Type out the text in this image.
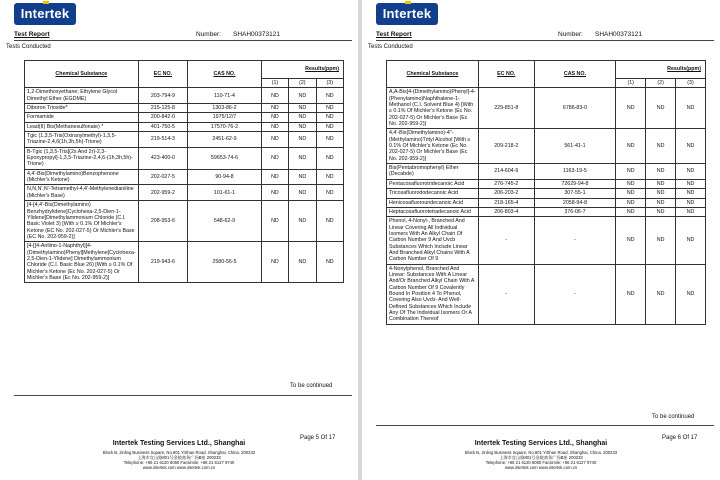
Intertek
Test Report	Number: SHAH00373121
Tests Conducted
Chemical Substance	EC NO.	CAS NO.	Results(ppm)		
			(1)	(2)	(3)
1,2-Dimethoxyethane; Ethylene Glycol Dimethyl Ether (EGDME)	203-794-9	110-71-4	ND	ND	ND
Diboron Trioxide*	215-125-8	1303-86-2	ND	ND	ND
Formamide	200-842-0	1975/12/7	ND	ND	ND
Lead(II) Bis(Methanesulfonate) *	401-750-5	17570-76-2	ND	ND	ND
Tgic (1,3,5-Tris(Oxiranylmethyl)-1,3,5-Triazine-2,4,6(1h,3h,5h)-Trione)	219-514-3	2451-62-9	ND	ND	ND
B-Tgic (1,3,5-Tris[(2s And 2r)-2,3-Epoxypropyl]-1,3,5-Triazine-2,4,6-(1h,3h,5h)-Trione)	423-400-0	59653-74-6	ND	ND	ND
4,4'-Bis(Dimethylamino)Benzophenone (Michler's Ketone)	202-027-5	90-94-8	ND	ND	ND
N,N,N',N'-Tetramethyl-4,4'-Methylenedianiline (Michler's Base)	202-959-2	101-61-1	ND	ND	ND
[4-[4,4'-Bis(Dimethylamino) Benzhydrylidene]Cyclohexa-2,5-Dien-1-Ylidene]Dimethylammonium Chloride (C.I. Basic Violet 3) [With ≥ 0.1% Of Michler's Ketone (EC No. 202-027-5) Or Michler's Base (EC No. 202-959-2)]	208-953-6	548-62-9	ND	ND	ND
[4-[[4-Anilino-1-Naphthyl][4-(Dimethylamino)Phenyl]Methylene]Cyclohexa-2,5-Dien-1-Ylidene] Dimethylammonium Chloride (C.I. Basic Blue 26) [With ≥ 0.1% Of Michler's Ketone (Ec No. 202-027-5) Or Michler's Base (Ec No. 202-959-2)]	219-943-6	2580-56-5	ND	ND	ND
To be continued
Page 5 Of 17
Intertek Testing Services Ltd., Shanghai
Block B, Jinling Business Square, No.801 YiShan Road, Shanghai, China. 200233
上海市宜山路801号金陵商务广场B座 200233
Telephone: +86 21 6120 6060 Facsimile: +86 21 6127 9740
www.intertek.com www.intertek.com.cn
Intertek
Test Report	Number: SHAH00373121
Tests Conducted
Chemical Substance	EC NO.	CAS NO.	Results(ppm)		
			(1)	(2)	(3)
A,A-Bis[4-(Dimethylamino)Phenyl]-4-(Phenylamino)Naphthalene-1-Methanol (C.I. Solvent Blue 4) [With ≥ 0.1% Of Michler's Ketone (Ec No. 202-027-5) Or Michler's Base (Ec No. 202-959-2)]	229-851-8	6786-83-0	ND	ND	ND
4,4'-Bis(Dimethylamino)-4''-(Methylamino)Trityl Alcohol [With ≥ 0.1% Of Michler's Ketone (Ec No. 202-027-5) Or Michler's Base (Ec No. 202-959-2)]	209-218-2	561-41-1	ND	ND	ND
Bis(Pentabromophenyl) Ether (Decabde)	214-604-9	1163-19-5	ND	ND	ND
Pentacosafluorotridecanoic Acid	276-745-2	72629-94-8	ND	ND	ND
Tricosafluorododecanoic Acid	206-203-2	307-55-1	ND	ND	ND
Henicosafluoroundecanoic Acid	218-165-4	2058-94-8	ND	ND	ND
Heptacosafluorotetradecanoic Acid	206-803-4	376-06-7	ND	ND	ND
Phenol, 4-Nonyl-, Branched And Linear Covering All Individual Isomers With An Alkyl Chain Of Carbon Number 9 And Uvcb Substances Which Include Linear And Branched Alkyl Chains With A Carbon Number Of 9	-	-	ND	ND	ND
4-Nonylphenol, Branched And Linear: Substances With A Linear And/Or Branched Alkyl Chain With A Carbon Number Of 9 Covalently Bound In Position 4 To Phenol, Covering Also Uvcb- And Well-Defined Substances Which Include Any Of The Individual Isomers Or A Combination Thereof	-	-	ND	ND	ND
To be continued
Page 6 Of 17
Intertek Testing Services Ltd., Shanghai
Block B, Jinling Business Square, No.801 YiShan Road, Shanghai, China. 200233
上海市宜山路801号金陵商务广场B座 200233
Telephone: +86 21 6120 6060 Facsimile: +86 21 6127 9740
www.intertek.com www.intertek.com.cn
